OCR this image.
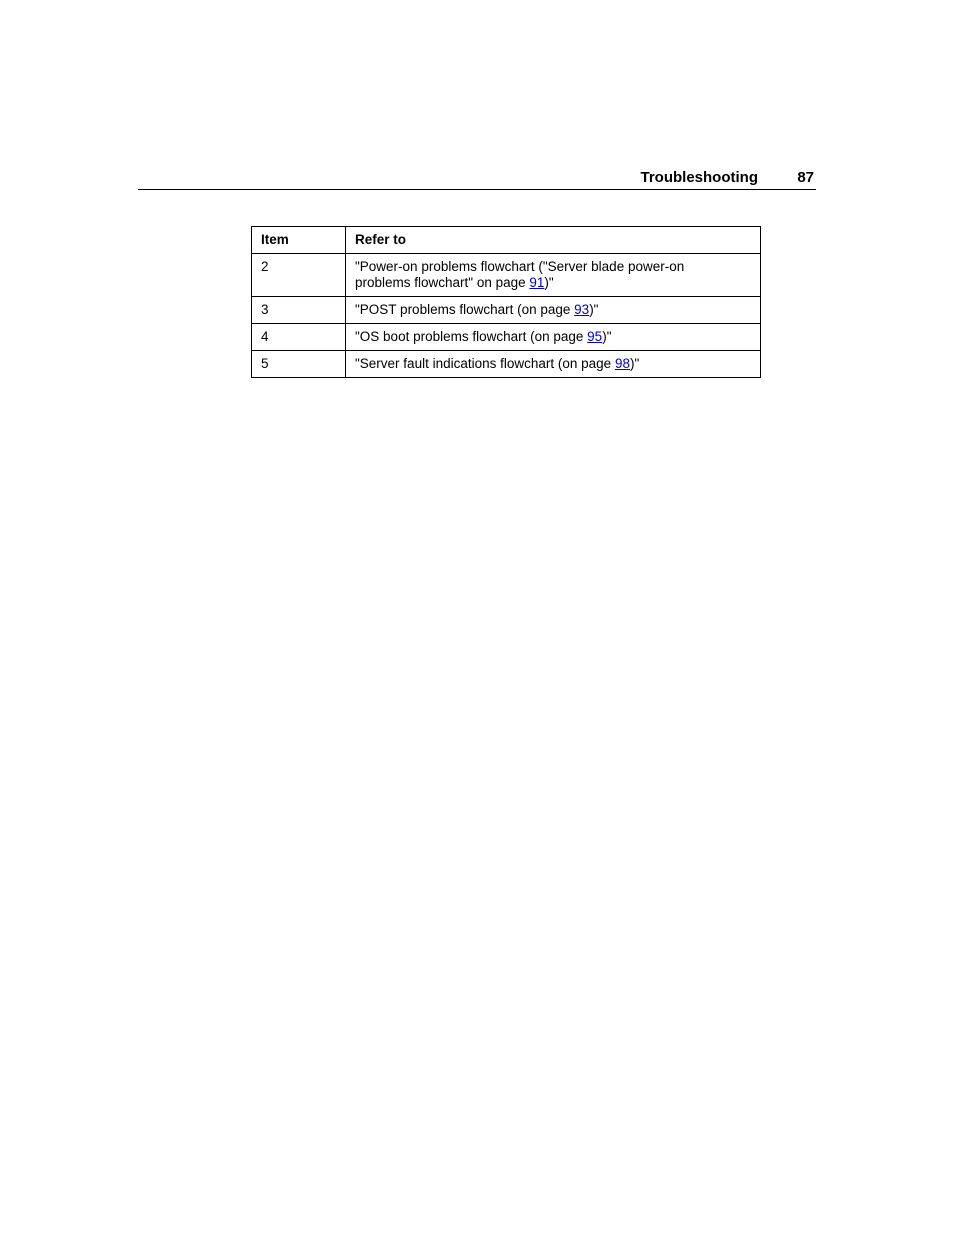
Troubleshooting	87
Item	Refer to
2	"Power-on problems flowchart ("Server blade power-on problems flowchart" on page 91)"
3	"POST problems flowchart (on page 93)"
4	"OS boot problems flowchart (on page 95)"
5	"Server fault indications flowchart (on page 98)"
